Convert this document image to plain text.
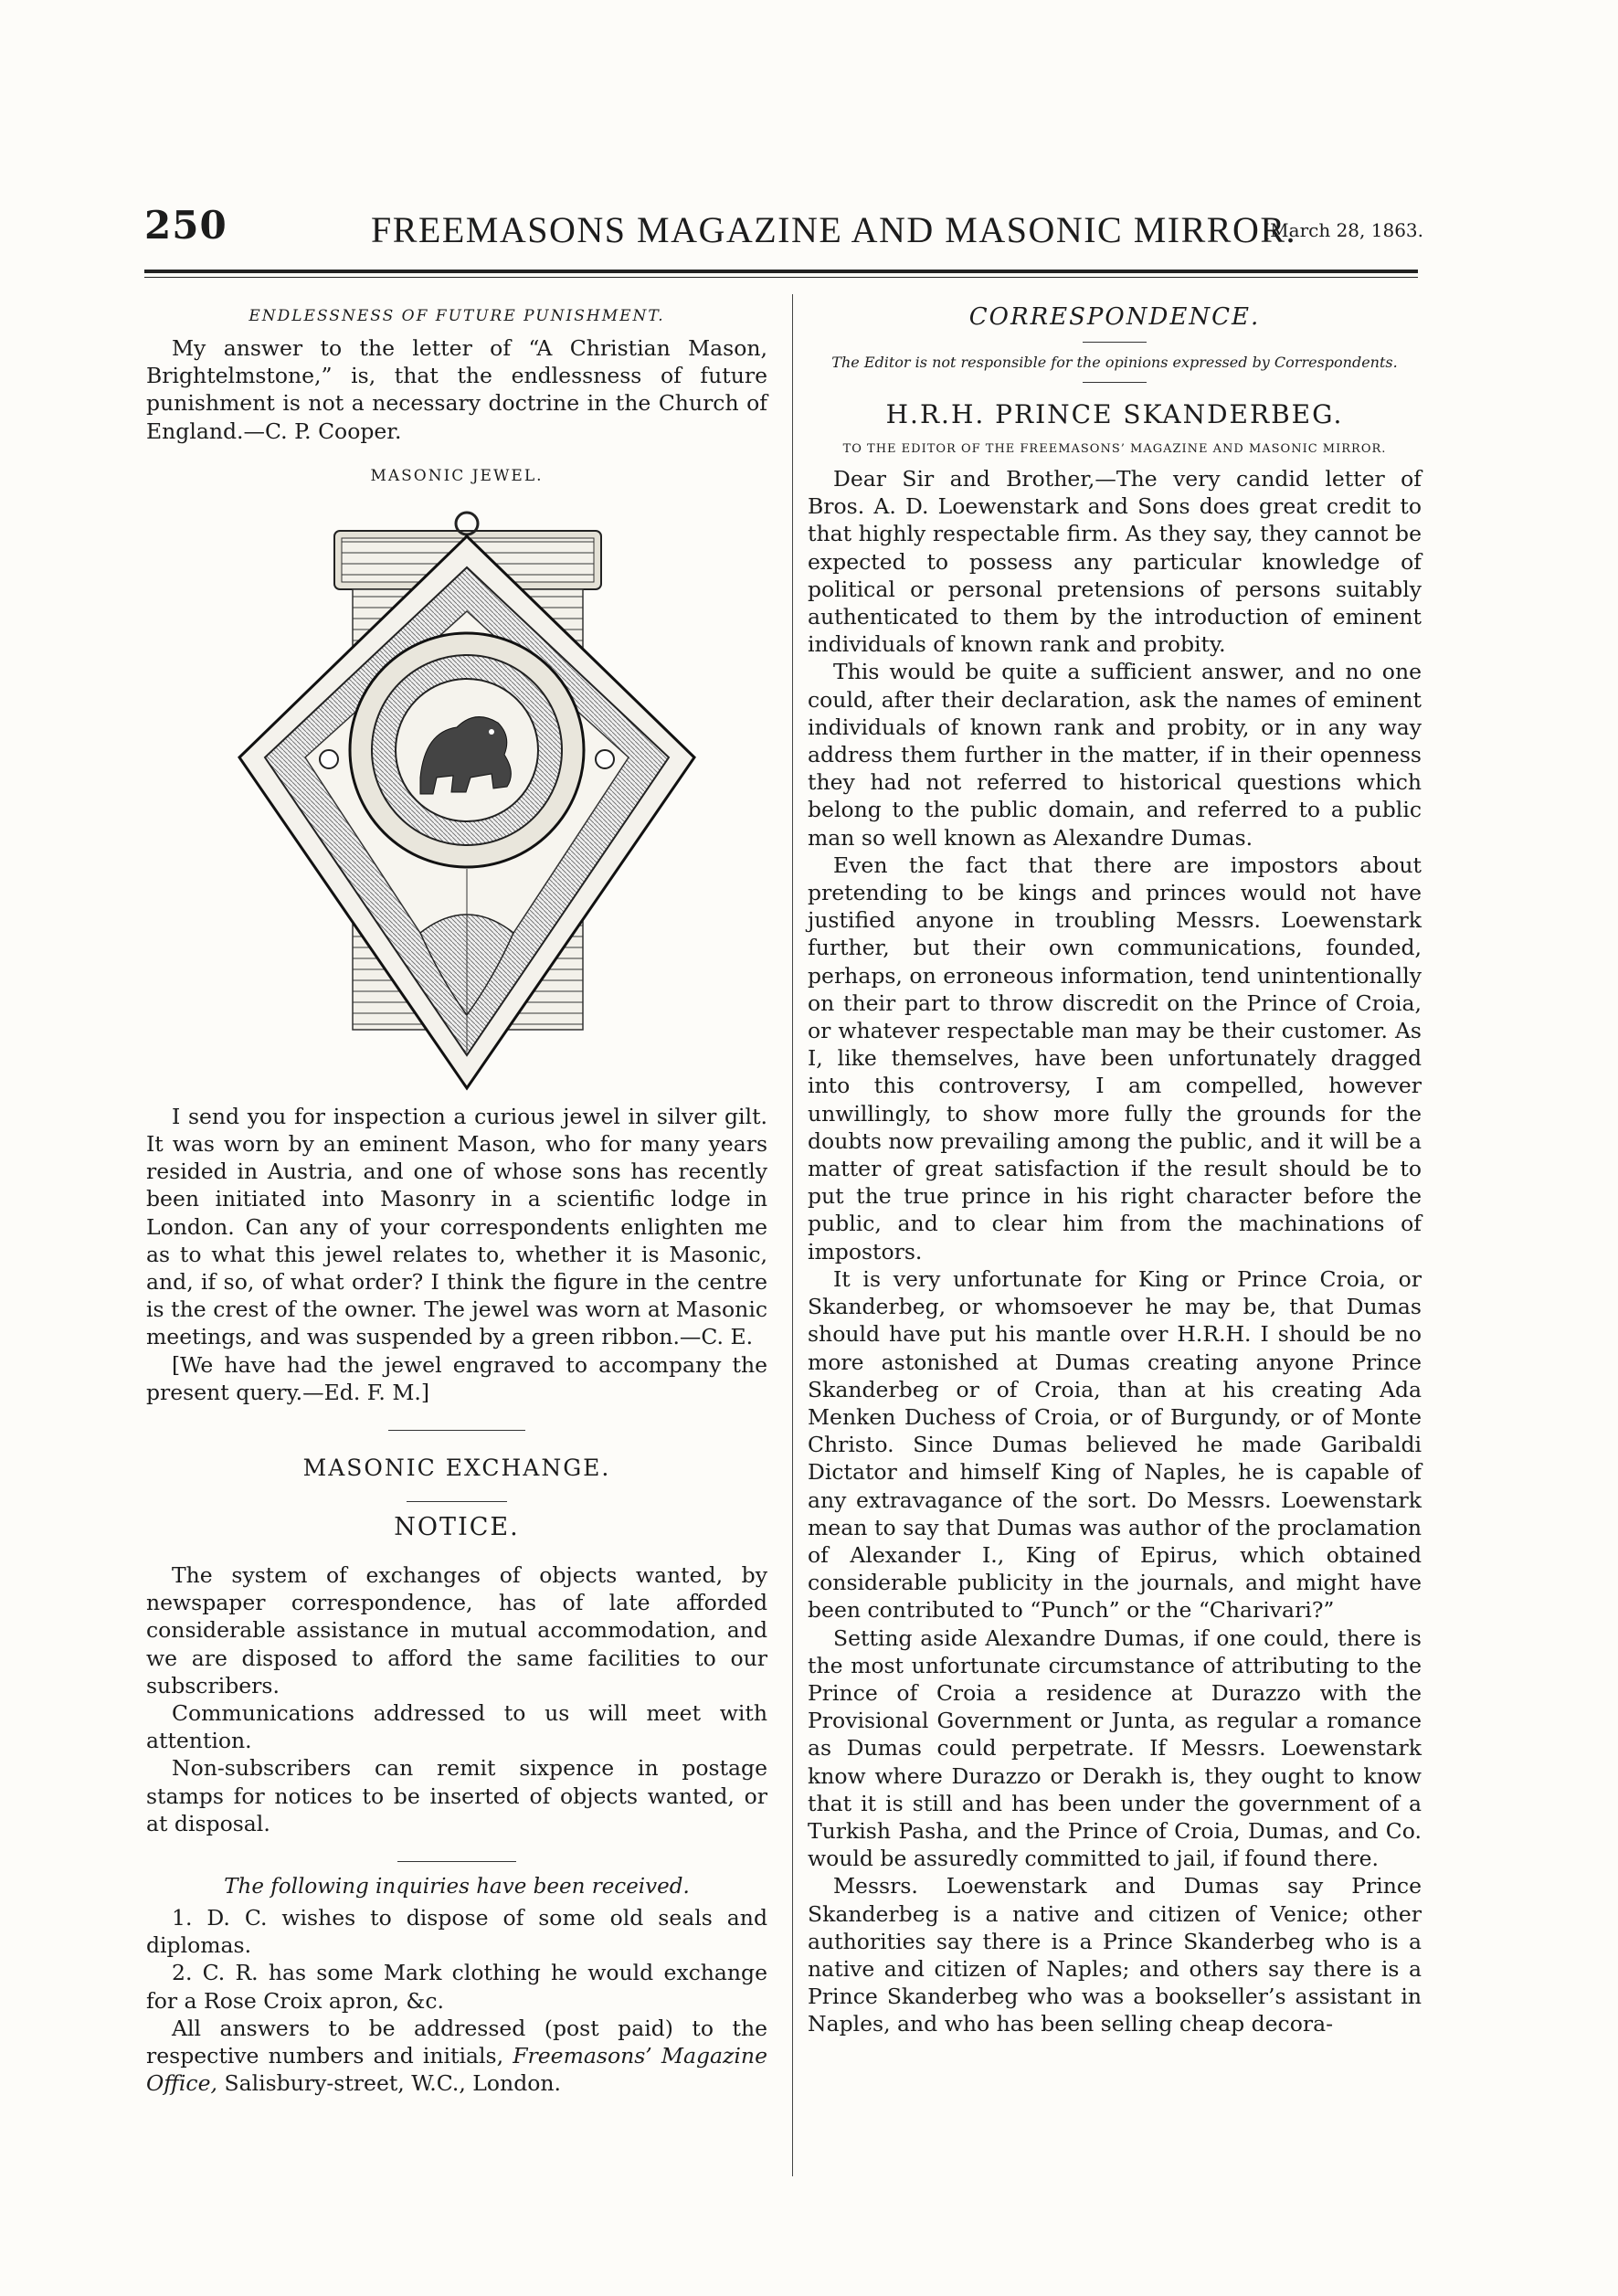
250	FREEMASONS MAGAZINE AND MASONIC MIRROR.
[March 28, 1863.

ENDLESSNESS OF FUTURE PUNISHMENT.

My answer to the letter of “A Christian Mason, Brightelmstone,” is, that the endlessness of future punishment is not a necessary doctrine in the Church of England.—C. P. Cooper.

MASONIC JEWEL.

I send you for inspection a curious jewel in silver gilt. It was worn by an eminent Mason, who for many years resided in Austria, and one of whose sons has recently been initiated into Masonry in a scientific lodge in London. Can any of your correspondents enlighten me as to what this jewel relates to, whether it is Masonic, and, if so, of what order? I think the figure in the centre is the crest of the owner. The jewel was worn at Masonic meetings, and was suspended by a green ribbon.—C. E.

[We have had the jewel engraved to accompany the present query.—Ed. F. M.]

MASONIC EXCHANGE.

NOTICE.

The system of exchanges of objects wanted, by newspaper correspondence, has of late afforded considerable assistance in mutual accommodation, and we are disposed to afford the same facilities to our subscribers.

Communications addressed to us will meet with attention.

Non-subscribers can remit sixpence in postage stamps for notices to be inserted of objects wanted, or at disposal.

The following inquiries have been received.

1. D. C. wishes to dispose of some old seals and diplomas.

2. C. R. has some Mark clothing he would exchange for a Rose Croix apron, &c.

All answers to be addressed (post paid) to the respective numbers and initials, Freemasons’ Magazine Office, Salisbury-street, W.C., London.

CORRESPONDENCE.

The Editor is not responsible for the opinions expressed by Correspondents.

H.R.H. PRINCE SKANDERBEG.

TO THE EDITOR OF THE FREEMASONS’ MAGAZINE AND MASONIC MIRROR.

Dear Sir and Brother,—The very candid letter of Bros. A. D. Loewenstark and Sons does great credit to that highly respectable firm. As they say, they cannot be expected to possess any particular knowledge of political or personal pretensions of persons suitably authenticated to them by the introduction of eminent individuals of known rank and probity.

This would be quite a sufficient answer, and no one could, after their declaration, ask the names of eminent individuals of known rank and probity, or in any way address them further in the matter, if in their openness they had not referred to historical questions which belong to the public domain, and referred to a public man so well known as Alexandre Dumas.

Even the fact that there are impostors about pretending to be kings and princes would not have justified anyone in troubling Messrs. Loewenstark further, but their own communications, founded, perhaps, on erroneous information, tend unintentionally on their part to throw discredit on the Prince of Croia, or whatever respectable man may be their customer. As I, like themselves, have been unfortunately dragged into this controversy, I am compelled, however unwillingly, to show more fully the grounds for the doubts now prevailing among the public, and it will be a matter of great satisfaction if the result should be to put the true prince in his right character before the public, and to clear him from the machinations of impostors.

It is very unfortunate for King or Prince Croia, or Skanderbeg, or whomsoever he may be, that Dumas should have put his mantle over H.R.H. I should be no more astonished at Dumas creating anyone Prince Skanderbeg or of Croia, than at his creating Ada Menken Duchess of Croia, or of Burgundy, or of Monte Christo. Since Dumas believed he made Garibaldi Dictator and himself King of Naples, he is capable of any extravagance of the sort. Do Messrs. Loewenstark mean to say that Dumas was author of the proclamation of Alexander I., King of Epirus, which obtained considerable publicity in the journals, and might have been contributed to “Punch” or the “Charivari?”

Setting aside Alexandre Dumas, if one could, there is the most unfortunate circumstance of attributing to the Prince of Croia a residence at Durazzo with the Provisional Government or Junta, as regular a romance as Dumas could perpetrate. If Messrs. Loewenstark know where Durazzo or Derakh is, they ought to know that it is still and has been under the government of a Turkish Pasha, and the Prince of Croia, Dumas, and Co. would be assuredly committed to jail, if found there.

Messrs. Loewenstark and Dumas say Prince Skanderbeg is a native and citizen of Venice; other authorities say there is a Prince Skanderbeg who is a native and citizen of Naples; and others say there is a Prince Skanderbeg who was a bookseller’s assistant in Naples, and who has been selling cheap decora-
